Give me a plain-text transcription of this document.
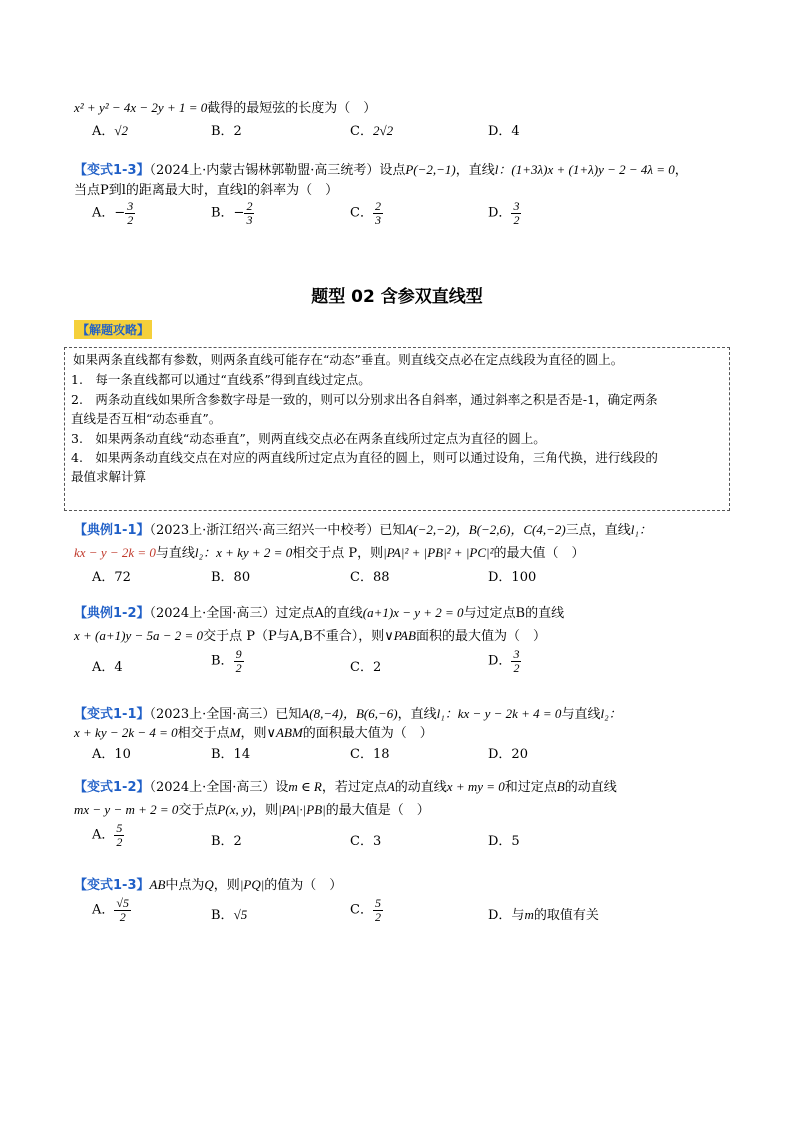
x² + y² − 4x − 2y + 1 = 0截得的最短弦的长度为（　）
A．√2	B．2	C．2√2	D．4
【变式1-3】（2024上·内蒙古锡林郭勒盟·高三统考）设点P(−2,−1)，直线l：(1+3λ)x + (1+λ)y − 2 − 4λ = 0，
当点P到l的距离最大时，直线l的斜率为（　）
A．− $\frac{3}{2}$	B．− $\frac{2}{3}$	C． $\frac{2}{3}$	D． $\frac{3}{2}$
题型 02 含参双直线型
【解题攻略】
如果两条直线都有参数，则两条直线可能存在“动态”垂直。则直线交点必在定点线段为直径的圆上。
1.　每一条直线都可以通过“直线系”得到直线过定点。
2.　两条动直线如果所含参数字母是一致的，则可以分别求出各自斜率，通过斜率之积是否是-1，确定两条
直线是否互相“动态垂直”。
3.　如果两条动直线“动态垂直”，则两直线交点必在两条直线所过定点为直径的圆上。
4.　如果两条动直线交点在对应的两直线所过定点为直径的圆上，则可以通过设角，三角代换，进行线段的
最值求解计算
【典例1-1】（2023上·浙江绍兴·高三绍兴一中校考）已知A(−2,−2)，B(−2,6)，C(4,−2)三点，直线l₁：
kx − y − 2k = 0与直线l₂：x + ky + 2 = 0相交于点 P，则|PA|² + |PB|² + |PC|²的最大值（　）
A．72	B．80	C．88	D．100
【典例1-2】（2024上·全国·高三）过定点A的直线(a+1)x − y + 2 = 0与过定点B的直线
x + (a+1)y − 5a − 2 = 0交于点 P（P与A,B不重合），则∨PAB面积的最大值为（　）
A．4	B． $\frac{9}{2}$	C．2	D． $\frac{3}{2}$
【变式1-1】（2023上·全国·高三）已知A(8,−4)，B(6,−6)，直线l₁：kx − y − 2k + 4 = 0与直线l₂：
x + ky − 2k − 4 = 0相交于点M，则∨ABM的面积最大值为（　）
A．10	B．14	C．18	D．20
【变式1-2】（2024上·全国·高三）设m ∈ R，若过定点A的动直线x + my = 0和过定点B的动直线
mx − y − m + 2 = 0交于点P(x, y)，则|PA|·|PB|的最大值是（　）
A． $\frac{5}{2}$	B．2	C．3	D．5
【变式1-3】AB中点为Q，则|PQ|的值为（　）
A． $\frac{√5}{2}$	B．√5	C． $\frac{5}{2}$	D．与m的取值有关
